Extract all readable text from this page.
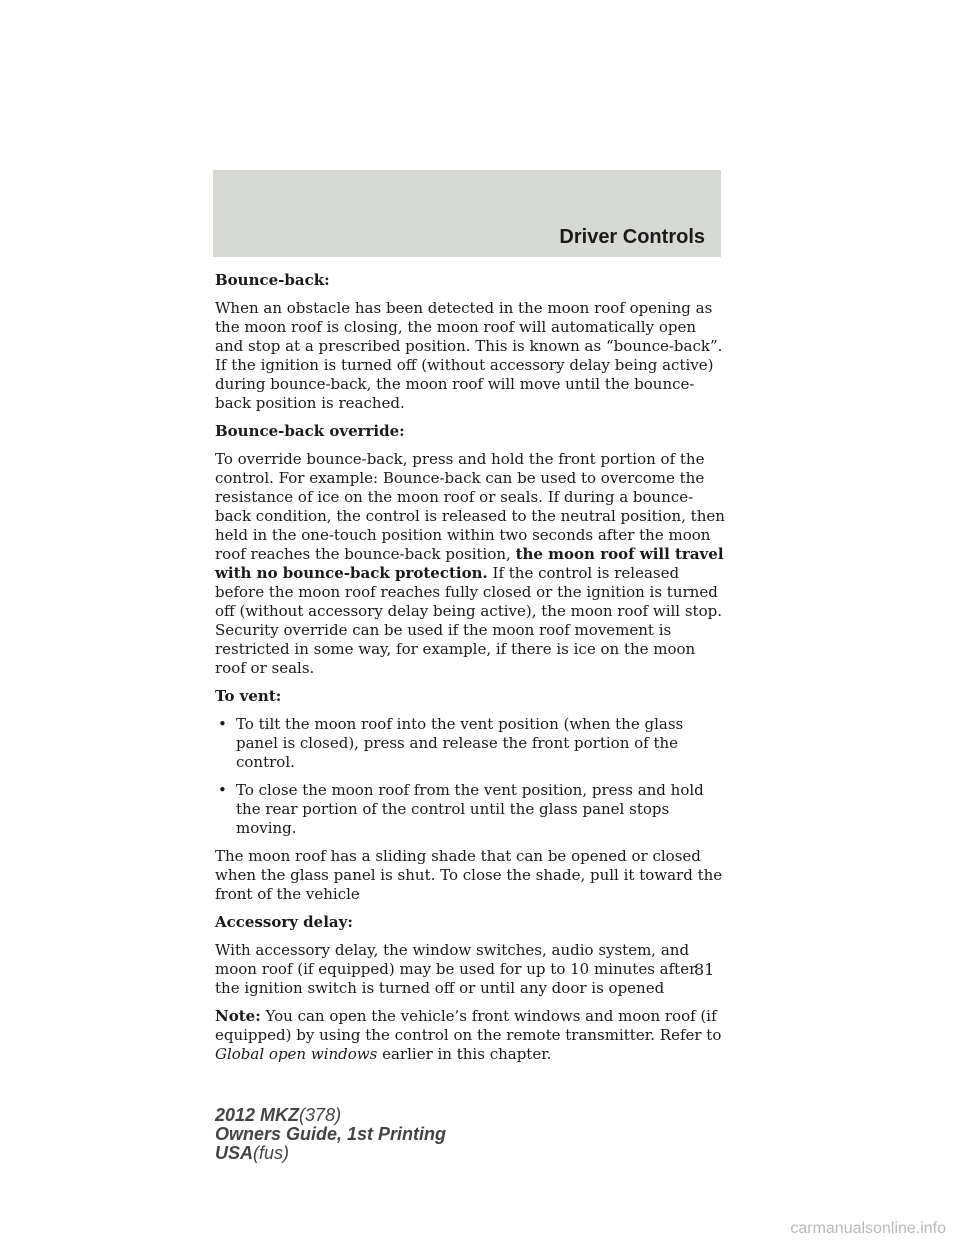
Driver Controls

Bounce-back:

When an obstacle has been detected in the moon roof opening as the moon roof is closing, the moon roof will automatically open and stop at a prescribed position. This is known as “bounce-back”. If the ignition is turned off (without accessory delay being active) during bounce-back, the moon roof will move until the bounce-back position is reached.

Bounce-back override:

To override bounce-back, press and hold the front portion of the control. For example: Bounce-back can be used to overcome the resistance of ice on the moon roof or seals. If during a bounce-back condition, the control is released to the neutral position, then held in the one-touch position within two seconds after the moon roof reaches the bounce-back position, the moon roof will travel with no bounce-back protection. If the control is released before the moon roof reaches fully closed or the ignition is turned off (without accessory delay being active), the moon roof will stop. Security override can be used if the moon roof movement is restricted in some way, for example, if there is ice on the moon roof or seals.

To vent:

• To tilt the moon roof into the vent position (when the glass panel is closed), press and release the front portion of the control.
• To close the moon roof from the vent position, press and hold the rear portion of the control until the glass panel stops moving.

The moon roof has a sliding shade that can be opened or closed when the glass panel is shut. To close the shade, pull it toward the front of the vehicle

Accessory delay:

With accessory delay, the window switches, audio system, and moon roof (if equipped) may be used for up to 10 minutes after the ignition switch is turned off or until any door is opened

Note: You can open the vehicle’s front windows and moon roof (if equipped) by using the control on the remote transmitter. Refer to Global open windows earlier in this chapter.

81
2012 MKZ(378)
Owners Guide, 1st Printing
USA(fus)
carmanualsonline.info
